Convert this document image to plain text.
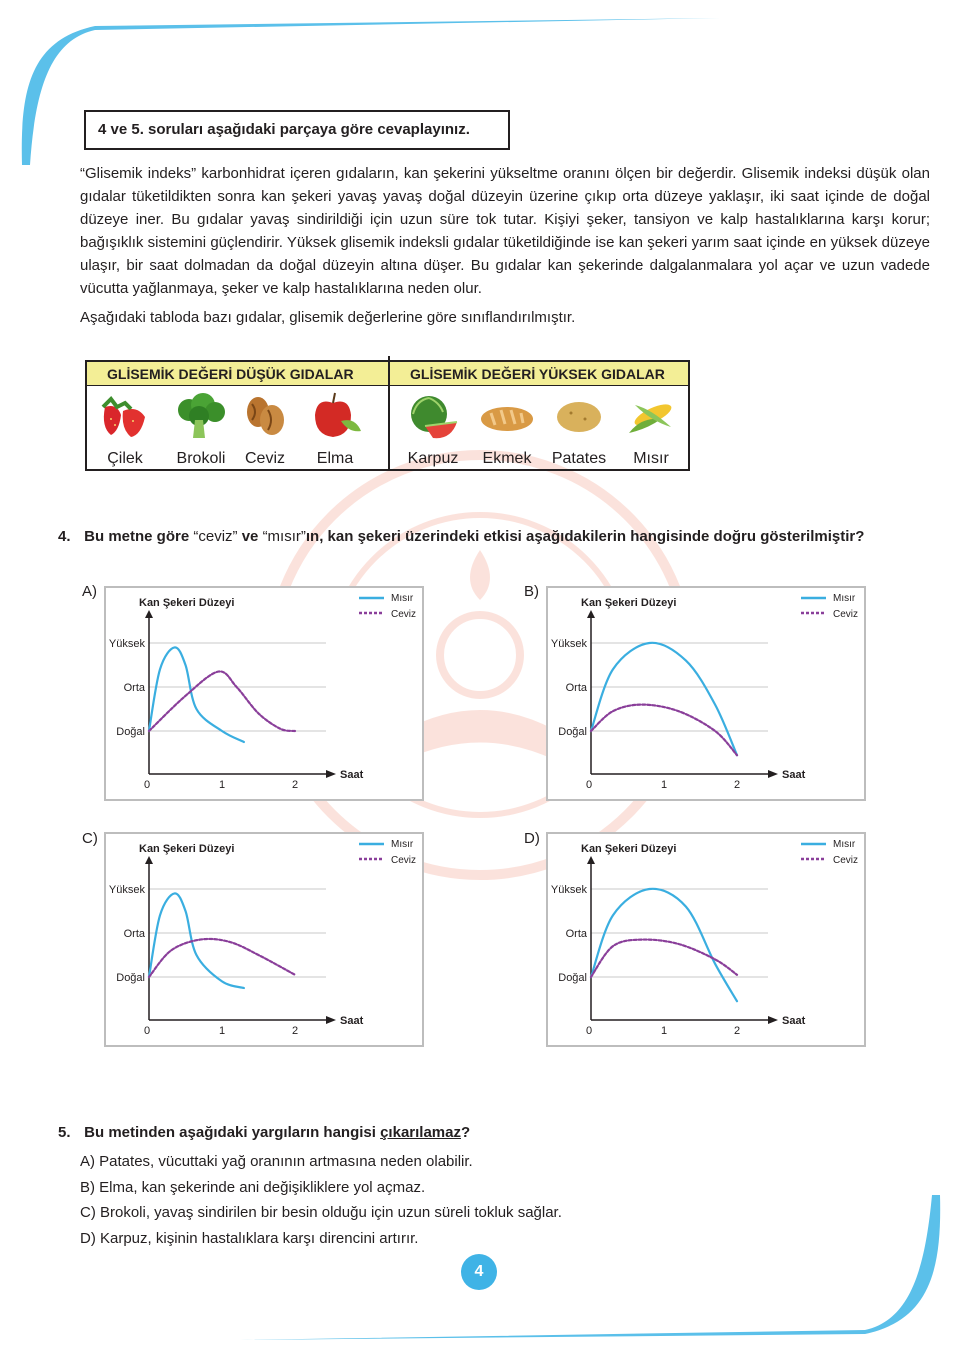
4 ve 5. soruları aşağıdaki parçaya göre cevaplayınız.
“Glisemik indeks” karbonhidrat içeren gıdaların, kan şekerini yükseltme oranını ölçen bir değerdir. Glisemik indeksi düşük olan gıdalar tüketildikten sonra kan şekeri yavaş yavaş doğal düzeyin üzerine çıkıp orta düzeye yaklaşır, iki saat içinde de doğal düzeye iner. Bu gıdalar yavaş sindirildiği için uzun süre tok tutar. Kişiyi şeker, tansiyon ve kalp hastalıklarına karşı korur; bağışıklık sistemini güçlendirir. Yüksek glisemik indeksli gıdalar tüketildiğinde ise kan şekeri yarım saat içinde en yüksek düzeye ulaşır, bir saat dolmadan da doğal düzeyin altına düşer. Bu gıdalar kan şekerinde dalgalanmalara yol açar ve uzun vadede vücutta yağlanmaya, şeker ve kalp hastalıklarına neden olur.
Aşağıdaki tabloda bazı gıdalar, glisemik değerlerine göre sınıflandırılmıştır.
GLİSEMİK DEĞERİ DÜŞÜK GIDALAR	GLİSEMİK DEĞERİ YÜKSEK GIDALAR
Çilek	Brokoli	Ceviz	Elma	Karpuz	Ekmek	Patates	Mısır
4. Bu metne göre “ceviz” ve “mısır”ın, kan şekeri üzerindeki etkisi aşağıdakilerin hangisinde doğru gösterilmiştir?
A)	B)
C)	D)
Yüksek
Orta
Doğal
Saat
Kan Şekeri Düzeyi
0	1	2
Mısır
Ceviz
Yüksek
Orta
Doğal
Saat
Kan Şekeri Düzeyi
0	1	2
Mısır
Ceviz
Yüksek
Orta
Doğal
Saat
Kan Şekeri Düzeyi
0	1	2
Mısır
Ceviz
Yüksek
Orta
Doğal
Saat
Kan Şekeri Düzeyi
0	1	2
Mısır
Ceviz
5. Bu metinden aşağıdaki yargıların hangisi çıkarılamaz?
A) Patates, vücuttaki yağ oranının artmasına neden olabilir.
B) Elma, kan şekerinde ani değişikliklere yol açmaz.
C) Brokoli, yavaş sindirilen bir besin olduğu için uzun süreli tokluk sağlar.
D) Karpuz, kişinin hastalıklara karşı direncini artırır.
4
